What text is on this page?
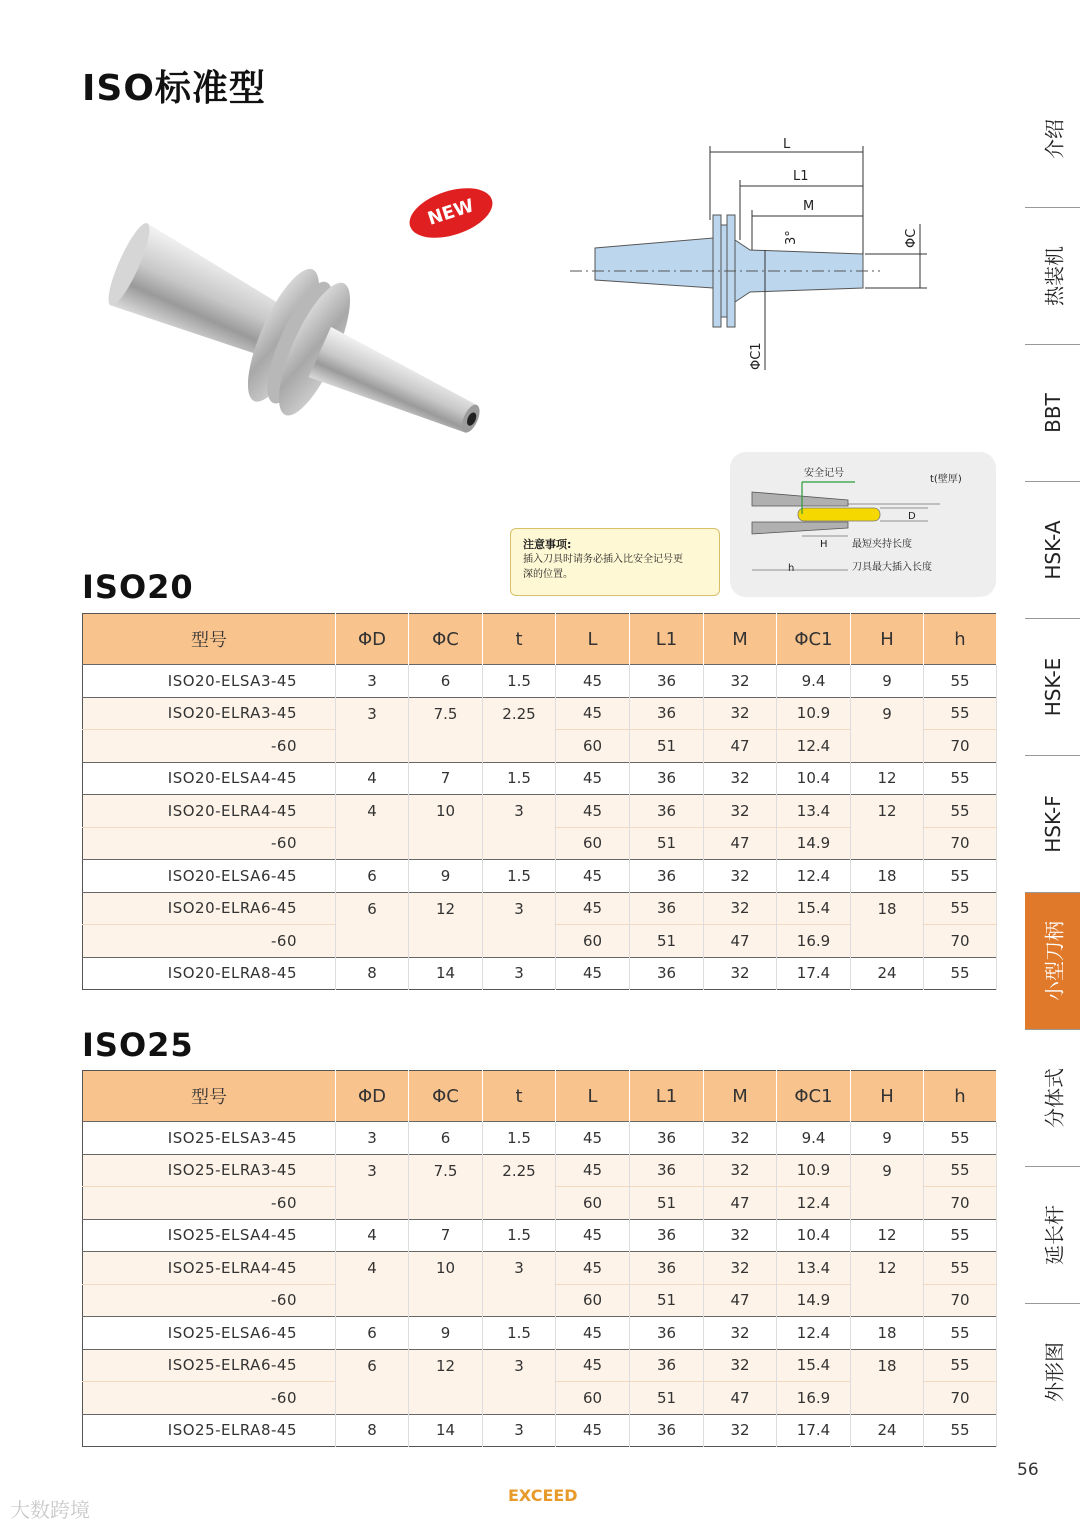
ISO标准型
NEW
L
L1
M
3°	ΦC
ΦC1
注意事项:
插入刀具时请务必插入比安全记号更
深的位置。
安全记号
t(壁厚)
D
H 最短夹持长度
h	刀具最大插入长度
ISO20
型号	ΦD	ΦC	t	L	L1	M	ΦC1	H	h
ISO20-ELSA3-45	3	6	1.5	45	36	32	9.4	9	55
ISO20-ELRA3-45	3	7.5	2.25	45	36	32	10.9	9	55
-60				60	51	47	12.4		70
ISO20-ELSA4-45	4	7	1.5	45	36	32	10.4	12	55
ISO20-ELRA4-45	4	10	3	45	36	32	13.4	12	55
-60				60	51	47	14.9		70
ISO20-ELSA6-45	6	9	1.5	45	36	32	12.4	18	55
ISO20-ELRA6-45	6	12	3	45	36	32	15.4	18	55
-60				60	51	47	16.9		70
ISO20-ELRA8-45	8	14	3	45	36	32	17.4	24	55
ISO25
型号	ΦD	ΦC	t	L	L1	M	ΦC1	H	h
ISO25-ELSA3-45	3	6	1.5	45	36	32	9.4	9	55
ISO25-ELRA3-45	3	7.5	2.25	45	36	32	10.9	9	55
-60				60	51	47	12.4		70
ISO25-ELSA4-45	4	7	1.5	45	36	32	10.4	12	55
ISO25-ELRA4-45	4	10	3	45	36	32	13.4	12	55
-60				60	51	47	14.9		70
ISO25-ELSA6-45	6	9	1.5	45	36	32	12.4	18	55
ISO25-ELRA6-45	6	12	3	45	36	32	15.4	18	55
-60				60	51	47	16.9		70
ISO25-ELRA8-45	8	14	3	45	36	32	17.4	24	55
介绍
热装机
BBT
HSK-A
HSK-E
HSK-F
小型刀柄
分体式
延长杆
外形图
56
EXCEED
大数跨境
